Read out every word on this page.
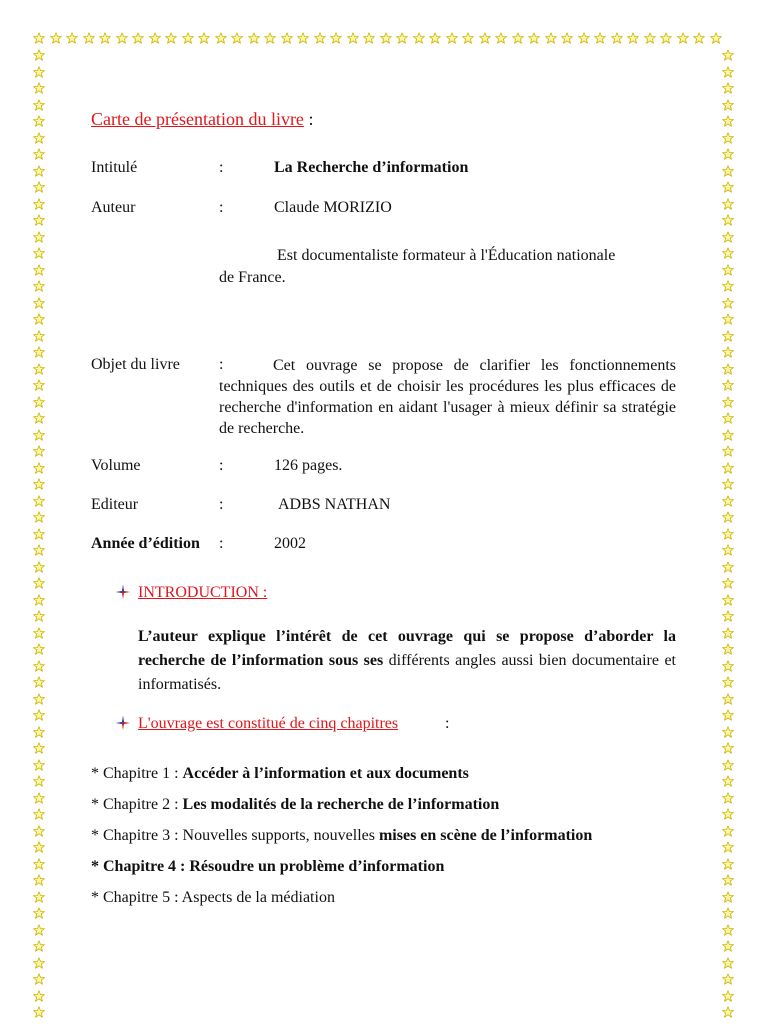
Carte de présentation du livre :
Intitulé	:	La Recherche d’information
Auteur	:	Claude MORIZIO
Est documentaliste formateur à l'Éducation nationale
de France.
Objet du livre :	Cet ouvrage se propose de clarifier les fonctionnements techniques des outils et de choisir les procédures les plus efficaces de recherche d'information en aidant l'usager à mieux définir sa stratégie de recherche.
Volume	:	126 pages.
Editeur	:	ADBS NATHAN
Année d’édition :	2002
INTRODUCTION :
L’auteur explique l’intérêt de cet ouvrage qui se propose d’aborder la recherche de l’information sous ses différents angles aussi bien documentaire et informatisés.
L'ouvrage est constitué de cinq chapitres	:
* Chapitre 1 : Accéder à l’information et aux documents
* Chapitre 2 : Les modalités de la recherche de l’information
* Chapitre 3 : Nouvelles supports, nouvelles mises en scène de l’information
* Chapitre 4 : Résoudre un problème d’information
* Chapitre 5 : Aspects de la médiation
